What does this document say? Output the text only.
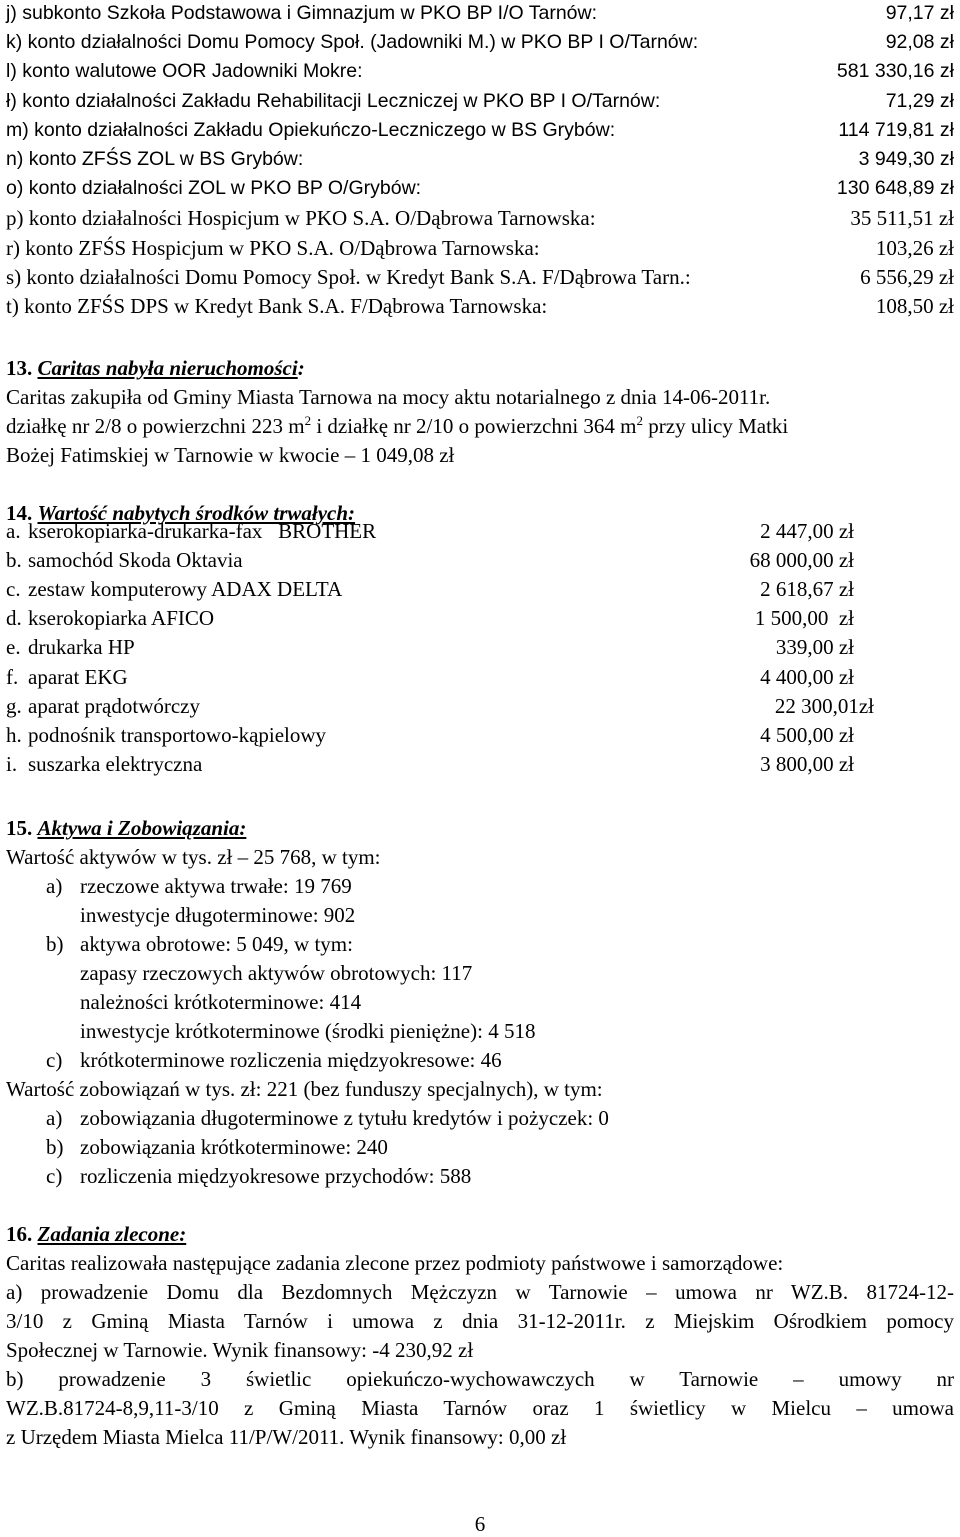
j) subkonto Szkoła Podstawowa i Gimnazjum w PKO BP I/O Tarnów:	97,17 zł
k) konto działalności Domu Pomocy Społ. (Jadowniki M.) w PKO BP I O/Tarnów:	92,08 zł
l) konto walutowe OOR Jadowniki Mokre:	581 330,16 zł
ł) konto działalności Zakładu Rehabilitacji Leczniczej w PKO BP I O/Tarnów:	71,29 zł
m) konto działalności Zakładu Opiekuńczo-Leczniczego w BS Grybów:	114 719,81 zł
n) konto ZFŚS ZOL w BS Grybów:	3 949,30 zł
o) konto działalności ZOL w PKO BP O/Grybów:	130 648,89 zł
p) konto działalności Hospicjum w PKO S.A. O/Dąbrowa Tarnowska:	35 511,51 zł
r) konto ZFŚS Hospicjum w PKO S.A. O/Dąbrowa Tarnowska:	103,26 zł
s) konto działalności Domu Pomocy Społ. w Kredyt Bank S.A. F/Dąbrowa Tarn.:	6 556,29 zł
t) konto ZFŚS DPS w Kredyt Bank S.A. F/Dąbrowa Tarnowska:	108,50 zł
13. Caritas nabyła nieruchomości:
Caritas zakupiła od Gminy Miasta Tarnowa na mocy aktu notarialnego z dnia 14-06-2011r.
działkę nr 2/8 o powierzchni 223 $m^2$ i działkę nr 2/10 o powierzchni 364 $m^2$ przy ulicy Matki
Bożej Fatimskiej w Tarnowie w kwocie – 1 049,08 zł
14. Wartość nabytych środków trwałych:
a. kserokopiarka-drukarka-fax   BROTHER	2 447,00 zł
b. samochód Skoda Oktavia	68 000,00 zł
c. zestaw komputerowy ADAX DELTA	2 618,67 zł
d. kserokopiarka AFICO	1 500,00  zł
e. drukarka HP	339,00 zł
f. aparat EKG	4 400,00 zł
g. aparat prądotwórczy	22 300,01zł
h. podnośnik transportowo-kąpielowy	4 500,00 zł
i. suszarka elektryczna	3 800,00 zł
15. Aktywa i Zobowiązania:
Wartość aktywów w tys. zł – 25 768, w tym:
a) rzeczowe aktywa trwałe: 19 769
inwestycje długoterminowe: 902
b) aktywa obrotowe: 5 049, w tym:
zapasy rzeczowych aktywów obrotowych: 117
należności krótkoterminowe: 414
inwestycje krótkoterminowe (środki pieniężne): 4 518
c) krótkoterminowe rozliczenia międzyokresowe: 46
Wartość zobowiązań w tys. zł: 221 (bez funduszy specjalnych), w tym:
a) zobowiązania długoterminowe z tytułu kredytów i pożyczek: 0
b) zobowiązania krótkoterminowe: 240
c) rozliczenia międzyokresowe przychodów: 588
16. Zadania zlecone:
Caritas realizowała następujące zadania zlecone przez podmioty państwowe i samorządowe:
a) prowadzenie Domu dla Bezdomnych Mężczyzn w Tarnowie – umowa nr WZ.B. 81724-12-
3/10 z Gminą Miasta Tarnów i umowa z dnia 31-12-2011r. z Miejskim Ośrodkiem pomocy
Społecznej w Tarnowie. Wynik finansowy: -4 230,92 zł
b) prowadzenie 3 świetlic opiekuńczo-wychowawczych w Tarnowie – umowy nr
WZ.B.81724-8,9,11-3/10 z Gminą Miasta Tarnów oraz 1 świetlicy w Mielcu – umowa
z Urzędem Miasta Mielca 11/P/W/2011. Wynik finansowy: 0,00 zł
6
